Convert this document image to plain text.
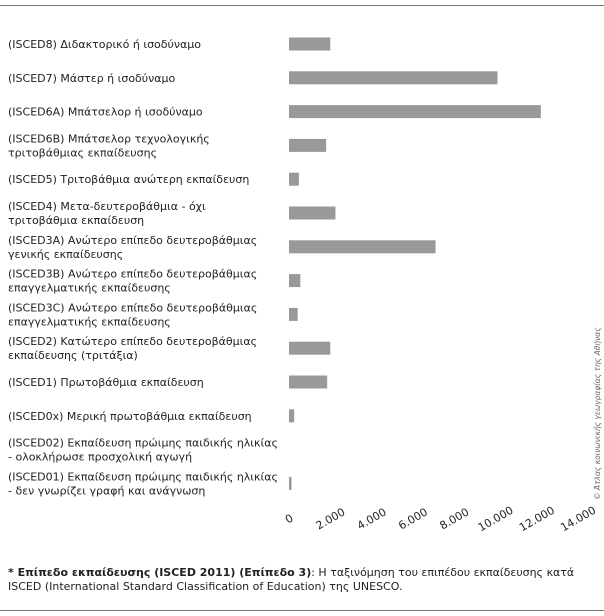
(ISCED8) Διδακτορικό ή ισοδύναμο
(ISCED7) Μάστερ ή ισοδύναμο
(ISCED6A) Μπάτσελορ ή ισοδύναμο
(ISCED6B) Μπάτσελορ τεχνολογικής τριτοβάθμιας εκπαίδευσης
(ISCED5) Τριτοβάθμια ανώτερη εκπαίδευση
(ISCED4) Μετα-δευτεροβάθμια - όχι τριτοβάθμια εκπαίδευση
(ISCED3A) Ανώτερο επίπεδο δευτεροβάθμιας γενικής εκπαίδευσης
(ISCED3B) Ανώτερο επίπεδο δευτεροβάθμιας επαγγελματικής εκπαίδευσης
(ISCED3C) Ανώτερο επίπεδο δευτεροβάθμιας επαγγελματικής εκπαίδευσης
(ISCED2) Κατώτερο επίπεδο δευτεροβάθμιας εκπαίδευσης (τριτάξια)
(ISCED1) Πρωτοβάθμια εκπαίδευση
(ISCED0x) Μερική πρωτοβάθμια εκπαίδευση
(ISCED02) Εκπαίδευση πρώιμης παιδικής ηλικίας - ολοκλήρωσε προσχολική αγωγή
(ISCED01) Εκπαίδευση πρώιμης παιδικής ηλικίας - δεν γνωρίζει γραφή και ανάγνωση
0 2.000 4.000 6.000 8.000 10.000 12.000 14.000
* Επίπεδο εκπαίδευσης (ISCED 2011) (Επίπεδο 3): Η ταξινόμηση του επιπέδου εκπαίδευσης κατά ISCED (International Standard Classification of Education) της UNESCO.
© Άτλας κοινωνικής γεωγραφίας της Αθήνας
